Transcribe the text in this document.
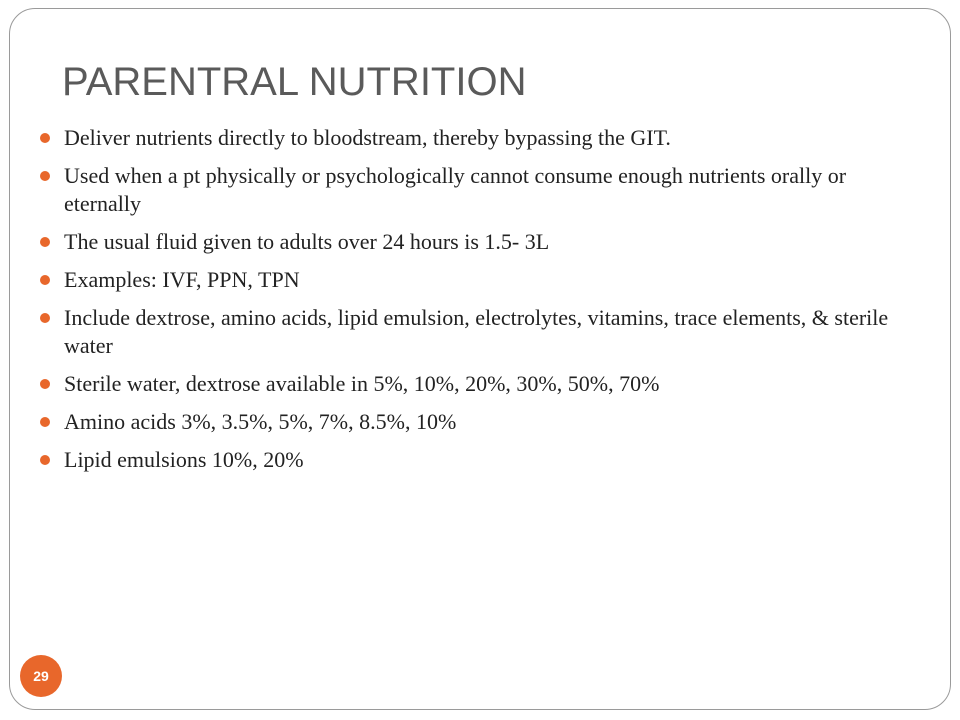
PARENTRAL NUTRITION
Deliver nutrients directly to bloodstream, thereby bypassing the GIT.
Used when a pt physically or psychologically cannot consume enough nutrients orally or eternally
The usual fluid given to adults over 24 hours is 1.5- 3L
Examples: IVF, PPN, TPN
Include dextrose, amino acids, lipid emulsion, electrolytes, vitamins, trace elements, & sterile water
Sterile water, dextrose available in 5%, 10%, 20%, 30%, 50%, 70%
Amino acids 3%, 3.5%, 5%, 7%, 8.5%, 10%
Lipid emulsions 10%, 20%
29
